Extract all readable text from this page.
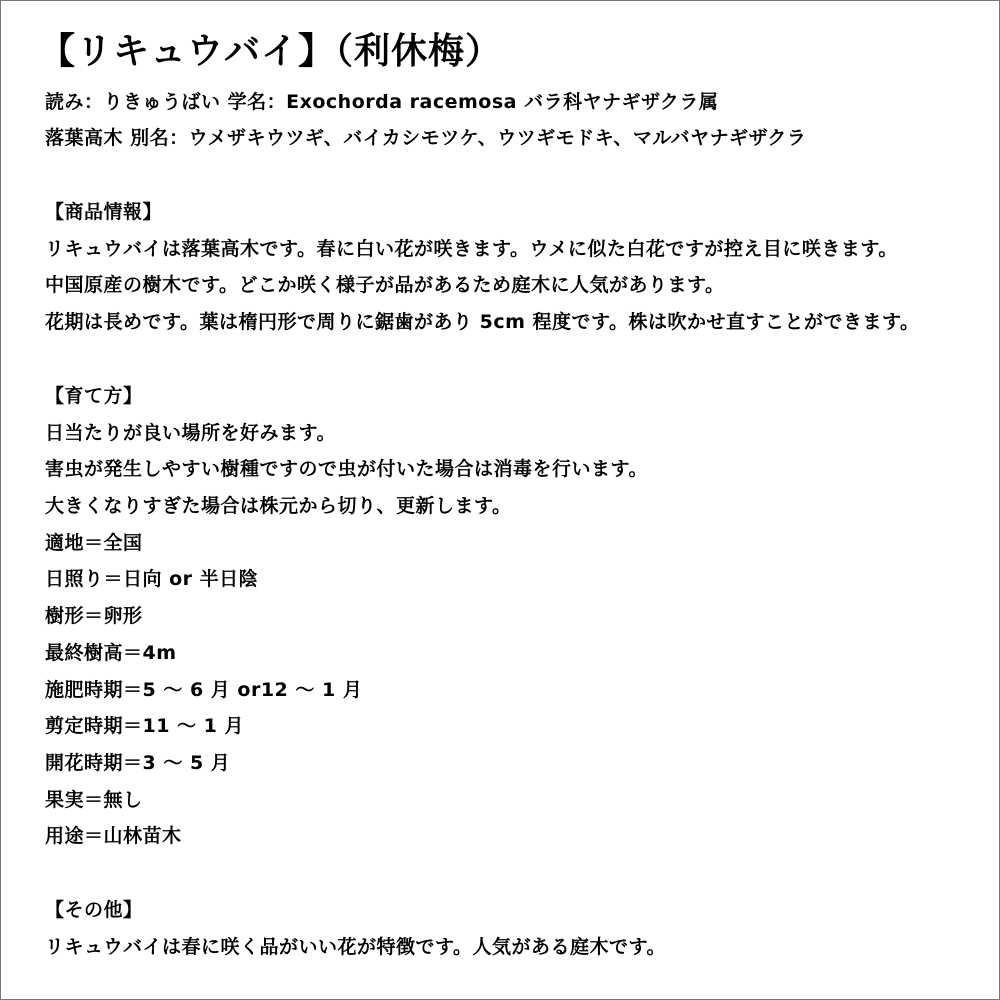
【リキュウバイ】（利休梅）
読み：りきゅうばい 学名：Exochorda racemosa バラ科ヤナギザクラ属
落葉高木 別名：ウメザキウツギ、バイカシモツケ、ウツギモドキ、マルバヤナギザクラ
【商品情報】
リキュウバイは落葉高木です。春に白い花が咲きます。ウメに似た白花ですが控え目に咲きます。
中国原産の樹木です。どこか咲く様子が品があるため庭木に人気があります。
花期は長めです。葉は楕円形で周りに鋸歯があり 5cm 程度です。株は吹かせ直すことができます。
【育て方】
日当たりが良い場所を好みます。
害虫が発生しやすい樹種ですので虫が付いた場合は消毒を行います。
大きくなりすぎた場合は株元から切り、更新します。
適地＝全国
日照り＝日向 or 半日陰
樹形＝卵形
最終樹高＝4m
施肥時期＝5 ～ 6 月 or12 ～ 1 月
剪定時期＝11 ～ 1 月
開花時期＝3 ～ 5 月
果実＝無し
用途＝山林苗木
【その他】
リキュウバイは春に咲く品がいい花が特徴です。人気がある庭木です。
